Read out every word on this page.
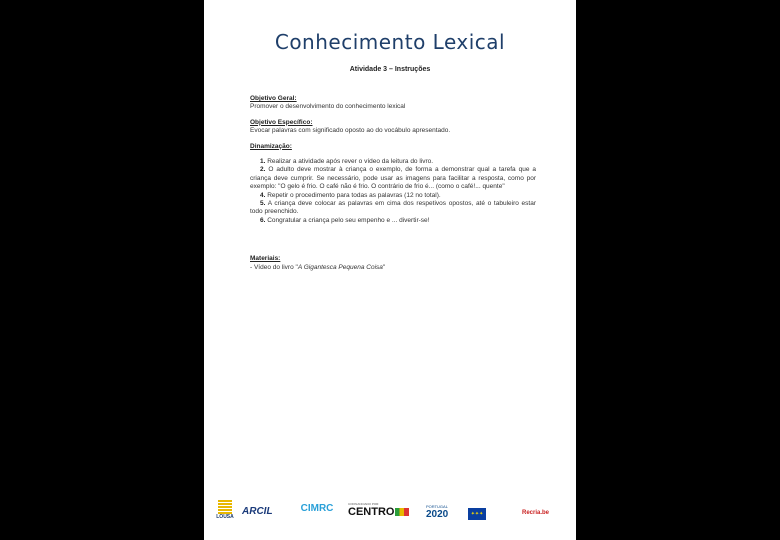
Conhecimento Lexical
Atividade 3 – Instruções
Objetivo Geral:
Promover o desenvolvimento do conhecimento lexical
Objetivo Específico:
Evocar palavras com significado oposto ao do vocábulo apresentado.
Dinamização:
1. Realizar a atividade após rever o vídeo da leitura do livro.
2. O adulto deve mostrar à criança o exemplo, de forma a demonstrar qual a tarefa que a criança deve cumprir. Se necessário, pode usar as imagens para facilitar a resposta, como por exemplo: "O gelo é frio. O café não é frio. O contrário de frio é... (como o café!... quente"
4. Repetir o procedimento para todas as palavras (12 no total).
5. A criança deve colocar as palavras em cima dos respetivos opostos, até o tabuleiro estar todo preenchido.
6. Congratular a criança pelo seu empenho e ... divertir-se!
Materiais:
- Vídeo do livro "A Gigantesca Pequena Coisa"
LOUSA ARCIL	CIMRC
	COFINANCIADO POR:
CENTRO	PORTUGAL
2020	✦✦✦	Recria.be
